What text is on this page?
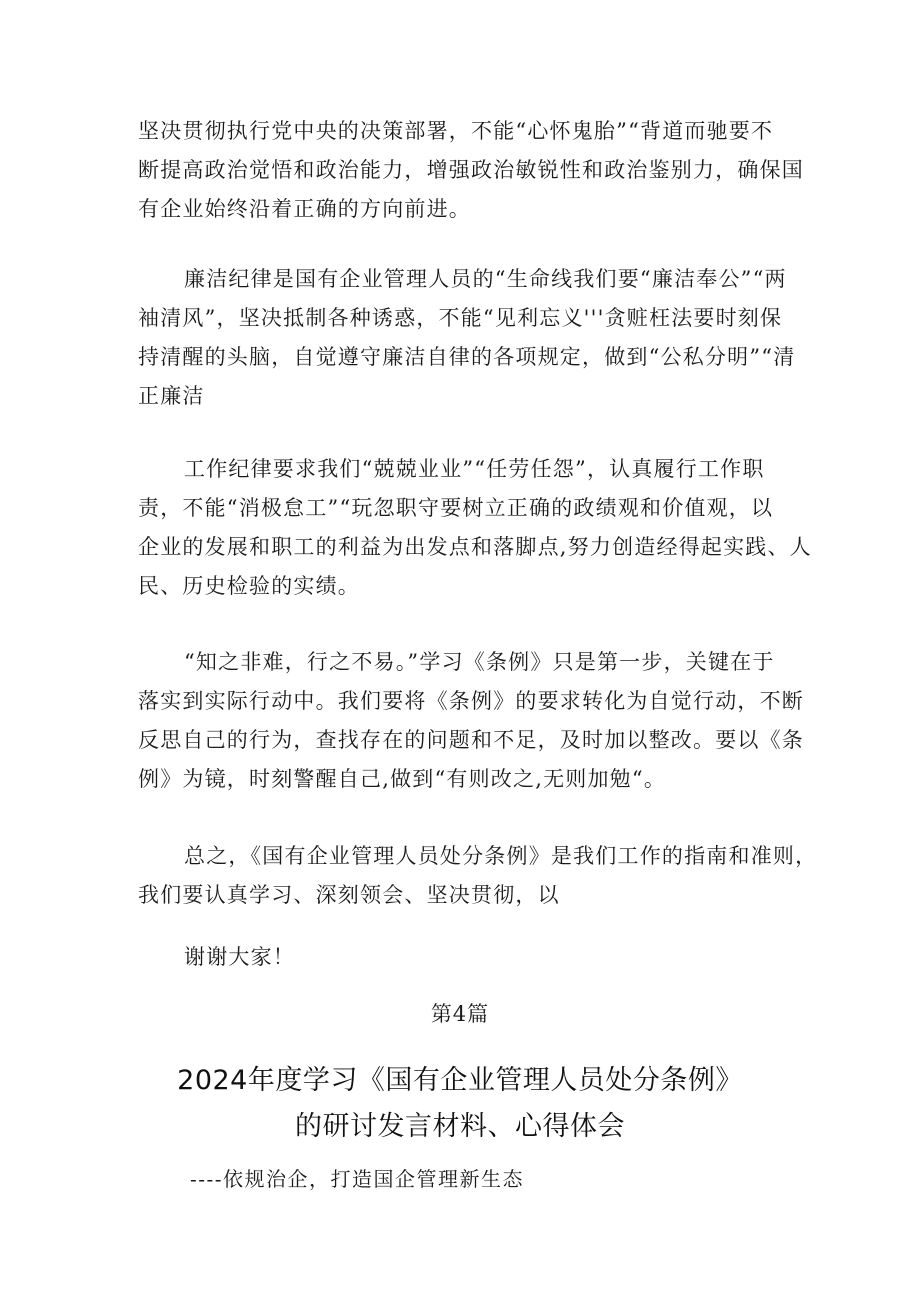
坚决贯彻执行党中央的决策部署，不能“心怀鬼胎”“背道而驰要不
断提高政治觉悟和政治能力，增强政治敏锐性和政治鉴别力，确保国
有企业始终沿着正确的方向前进。
廉洁纪律是国有企业管理人员的“生命线我们要“廉洁奉公”“两
袖清风”，坚决抵制各种诱惑，不能“见利忘义'''贪赃枉法要时刻保
持清醒的头脑，自觉遵守廉洁自律的各项规定，做到“公私分明”“清
正廉洁
工作纪律要求我们“兢兢业业”“任劳任怨”，认真履行工作职
责，不能“消极怠工”“玩忽职守要树立正确的政绩观和价值观，以
企业的发展和职工的利益为出发点和落脚点,努力创造经得起实践、人
民、历史检验的实绩。
“知之非难，行之不易。”学习《条例》只是第一步，关键在于
落实到实际行动中。我们要将《条例》的要求转化为自觉行动，不断
反思自己的行为，查找存在的问题和不足，及时加以整改。要以《条
例》为镜，时刻警醒自己,做到“有则改之,无则加勉“。
总之，《国有企业管理人员处分条例》是我们工作的指南和准则，
我们要认真学习、深刻领会、坚决贯彻，以
谢谢大家！
第4篇
2024年度学习《国有企业管理人员处分条例》
的研讨发言材料、心得体会
----依规治企，打造国企管理新生态
